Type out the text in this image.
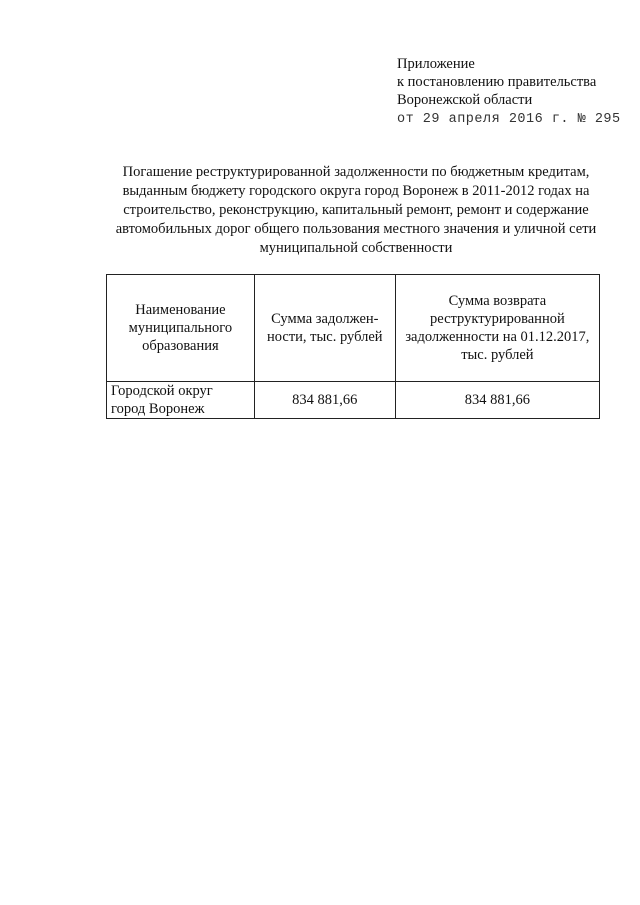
Приложение
к постановлению правительства
Воронежской области
от 29 апреля 2016 г. № 295
Погашение реструктурированной задолженности по бюджетным кредитам, выданным бюджету городского округа город Воронеж в 2011-2012 годах на строительство, реконструкцию, капитальный ремонт, ремонт и содержание автомобильных дорог общего пользования местного значения и уличной сети муниципальной собственности
Наименование муниципального образования	Сумма задолжен-ности, тыс. рублей	Сумма возврата реструктурированной задолженности на 01.12.2017, тыс. рублей
Городской округ город Воронеж	834 881,66	834 881,66
